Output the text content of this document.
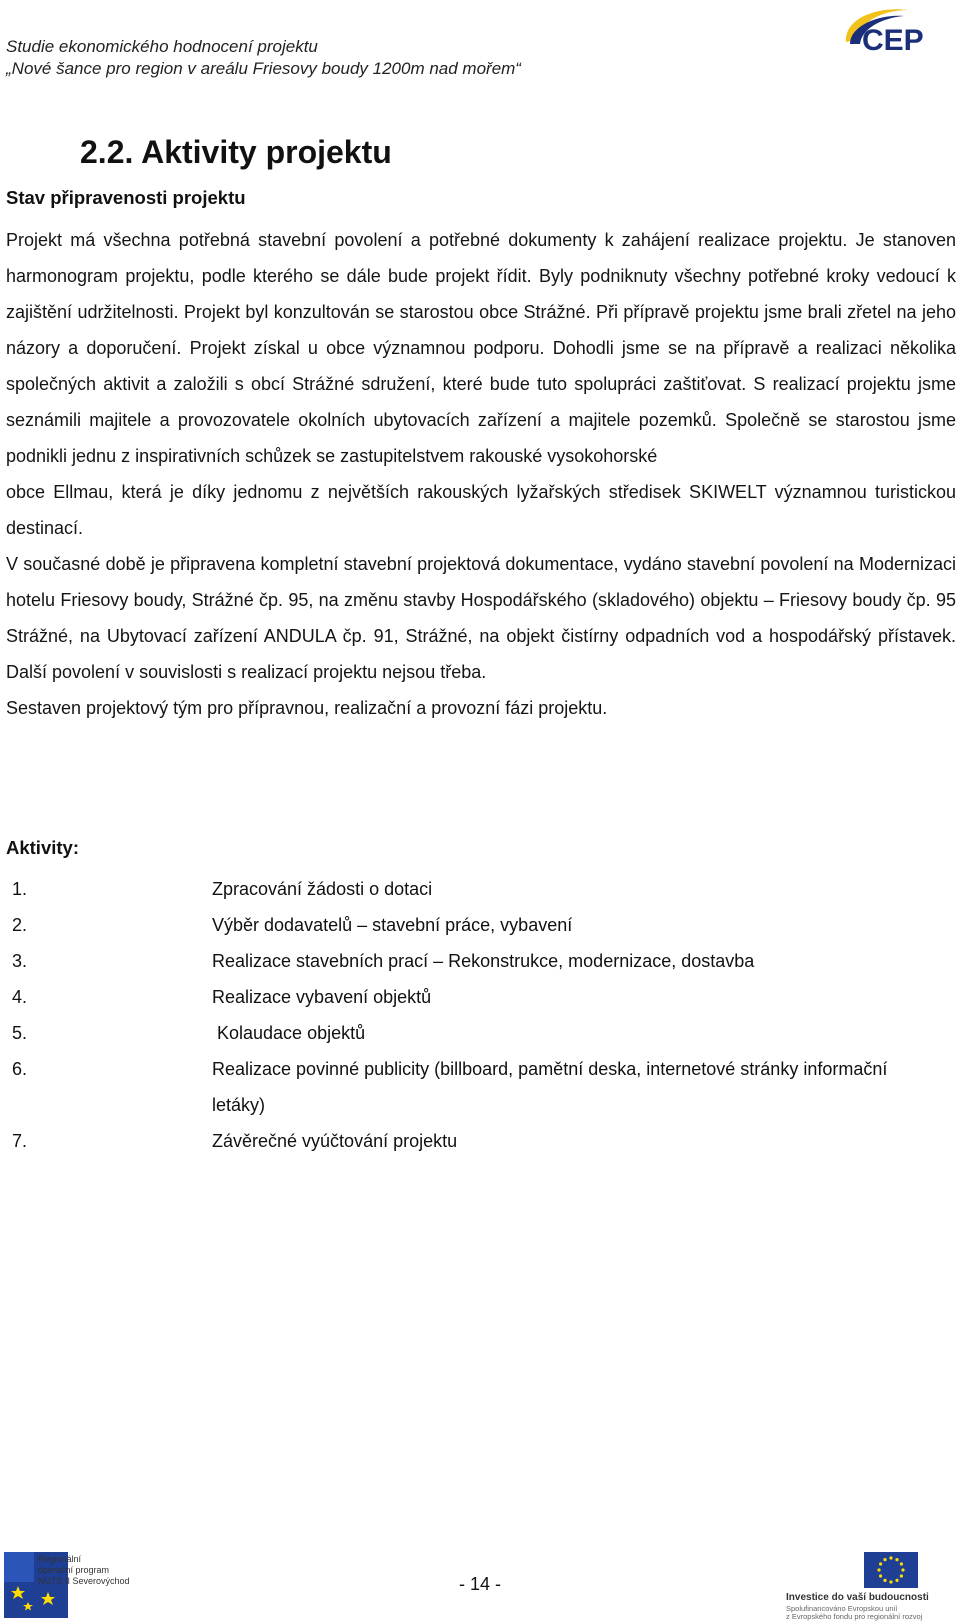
Studie ekonomického hodnocení projektu
„Nové šance pro region v areálu Friesovy boudy 1200m nad mořem“
CEP
2.2. Aktivity projektu
Stav připravenosti projektu

Projekt má všechna potřebná stavební povolení a potřebné dokumenty k zahájení realizace projektu. Je stanoven harmonogram projektu, podle kterého se dále bude projekt řídit. Byly podniknuty všechny potřebné kroky vedoucí k zajištění udržitelnosti. Projekt byl konzultován se starostou obce Strážné. Při přípravě projektu jsme brali zřetel na jeho názory a doporučení. Projekt získal u obce významnou podporu. Dohodli jsme se na přípravě a realizaci několika společných aktivit a založili s obcí Strážné sdružení, které bude tuto spolupráci zaštiťovat. S realizací projektu jsme seznámili majitele a provozovatele okolních ubytovacích zařízení a majitele pozemků. Společně se starostou jsme podnikli jednu z inspirativních schůzek se zastupitelstvem rakouské vysokohorské

obce Ellmau, která je díky jednomu z největších rakouských lyžařských středisek SKIWELT významnou turistickou destinací.

V současné době je připravena kompletní stavební projektová dokumentace, vydáno stavební povolení na Modernizaci hotelu Friesovy boudy, Strážné čp. 95, na změnu stavby Hospodářského (skladového) objektu – Friesovy boudy čp. 95 Strážné, na Ubytovací zařízení ANDULA čp. 91, Strážné, na objekt čistírny odpadních vod a hospodářský přístavek. Další povolení v souvislosti s realizací projektu nejsou třeba.

Sestaven projektový tým pro přípravnou, realizační a provozní fázi projektu.

Aktivity:
1.	Zpracování žádosti o dotaci
2.	Výběr dodavatelů – stavební práce, vybavení
3.	Realizace stavebních prací – Rekonstrukce, modernizace, dostavba
4.	Realizace vybavení objektů
5.	Kolaudace objektů
6.	Realizace povinné publicity (billboard, pamětní deska, internetové stránky informační letáky)
7.	Závěrečné vyúčtování projektu
Regionální
operační program
NUTS II Severovýchod	- 14 -
Investice do vaší budoucnosti
Spolufinancováno Evropskou unií
z Evropského fondu pro regionální rozvoj
